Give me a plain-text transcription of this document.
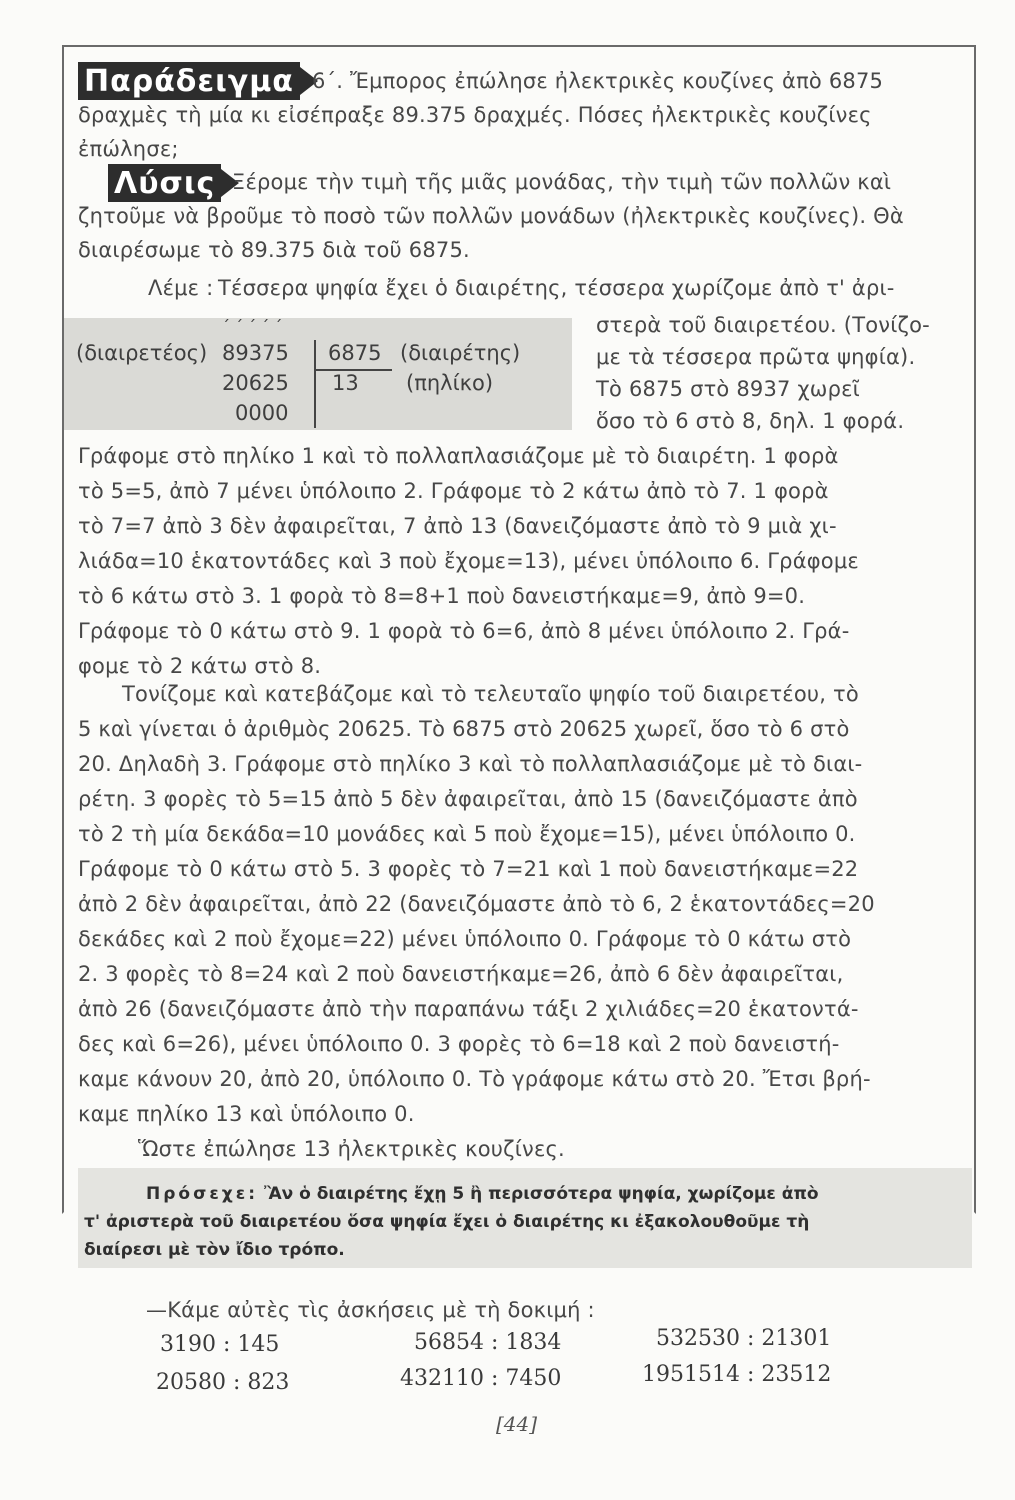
Παράδειγμα 6΄. Ἔμπορος ἐπώλησε ἠλεκτρικὲς κουζίνες ἀπὸ 6875
δραχμὲς τὴ μία κι εἰσέπραξε 89.375 δραχμές. Πόσες ἠλεκτρικὲς κουζίνες
ἐπώλησε;
Λύσις Ξέρομε τὴν τιμὴ τῆς μιᾶς μονάδας, τὴν τιμὴ τῶν πολλῶν καὶ
ζητοῦμε νὰ βροῦμε τὸ ποσὸ τῶν πολλῶν μονάδων (ἠλεκτρικὲς κουζίνες). Θὰ
διαιρέσωμε τὸ 89.375 διὰ τοῦ 6875.
Λέμε : Τέσσερα ψηφία ἔχει ὁ διαιρέτης, τέσσερα χωρίζομε ἀπὸ τ' ἀρι-
στερὰ τοῦ διαιρετέου. (Τονίζο-
με τὰ τέσσερα πρῶτα ψηφία).
Τὸ 6875 στὸ 8937 χωρεῖ
ὅσο τὸ 6 στὸ 8, δηλ. 1 φορά.
΄ ΄ ΄ ΄ ΄
(διαιρετέος) 89375 6875 (διαιρέτης)
20625 13 (πηλίκο)
0000
Γράφομε στὸ πηλίκο 1 καὶ τὸ πολλαπλασιάζομε μὲ τὸ διαιρέτη. 1 φορὰ
τὸ 5=5, ἀπὸ 7 μένει ὑπόλοιπο 2. Γράφομε τὸ 2 κάτω ἀπὸ τὸ 7. 1 φορὰ
τὸ 7=7 ἀπὸ 3 δὲν ἀφαιρεῖται, 7 ἀπὸ 13 (δανειζόμαστε ἀπὸ τὸ 9 μιὰ χι-
λιάδα=10 ἑκατοντάδες καὶ 3 ποὺ ἔχομε=13), μένει ὑπόλοιπο 6. Γράφομε
τὸ 6 κάτω στὸ 3. 1 φορὰ τὸ 8=8+1 ποὺ δανειστήκαμε=9, ἀπὸ 9=0.
Γράφομε τὸ 0 κάτω στὸ 9. 1 φορὰ τὸ 6=6, ἀπὸ 8 μένει ὑπόλοιπο 2. Γρά-
φομε τὸ 2 κάτω στὸ 8.
Τονίζομε καὶ κατεβάζομε καὶ τὸ τελευταῖο ψηφίο τοῦ διαιρετέου, τὸ
5 καὶ γίνεται ὁ ἀριθμὸς 20625. Τὸ 6875 στὸ 20625 χωρεῖ, ὅσο τὸ 6 στὸ
20. Δηλαδὴ 3. Γράφομε στὸ πηλίκο 3 καὶ τὸ πολλαπλασιάζομε μὲ τὸ διαι-
ρέτη. 3 φορὲς τὸ 5=15 ἀπὸ 5 δὲν ἀφαιρεῖται, ἀπὸ 15 (δανειζόμαστε ἀπὸ
τὸ 2 τὴ μία δεκάδα=10 μονάδες καὶ 5 ποὺ ἔχομε=15), μένει ὑπόλοιπο 0.
Γράφομε τὸ 0 κάτω στὸ 5. 3 φορὲς τὸ 7=21 καὶ 1 ποὺ δανειστήκαμε=22
ἀπὸ 2 δὲν ἀφαιρεῖται, ἀπὸ 22 (δανειζόμαστε ἀπὸ τὸ 6, 2 ἑκατοντάδες=20
δεκάδες καὶ 2 ποὺ ἔχομε=22) μένει ὑπόλοιπο 0. Γράφομε τὸ 0 κάτω στὸ
2. 3 φορὲς τὸ 8=24 καὶ 2 ποὺ δανειστήκαμε=26, ἀπὸ 6 δὲν ἀφαιρεῖται,
ἀπὸ 26 (δανειζόμαστε ἀπὸ τὴν παραπάνω τάξι 2 χιλιάδες=20 ἑκατοντά-
δες καὶ 6=26), μένει ὑπόλοιπο 0. 3 φορὲς τὸ 6=18 καὶ 2 ποὺ δανειστή-
καμε κάνουν 20, ἀπὸ 20, ὑπόλοιπο 0. Τὸ γράφομε κάτω στὸ 20. Ἔτσι βρή-
καμε πηλίκο 13 καὶ ὑπόλοιπο 0.
Ὥστε ἐπώλησε 13 ἠλεκτρικὲς κουζίνες.
Πρόσεχε: Ἂν ὁ διαιρέτης ἔχῃ 5 ἢ περισσότερα ψηφία, χωρίζομε ἀπὸ
τ' ἀριστερὰ τοῦ διαιρετέου ὅσα ψηφία ἔχει ὁ διαιρέτης κι ἐξακολουθοῦμε τὴ
διαίρεσι μὲ τὸν ἴδιο τρόπο.
—Κάμε αὐτὲς τὶς ἀσκήσεις μὲ τὴ δοκιμή :
3190 : 145	56854 : 1834	532530 : 21301
20580 : 823	432110 : 7450	1951514 : 23512
[44]
